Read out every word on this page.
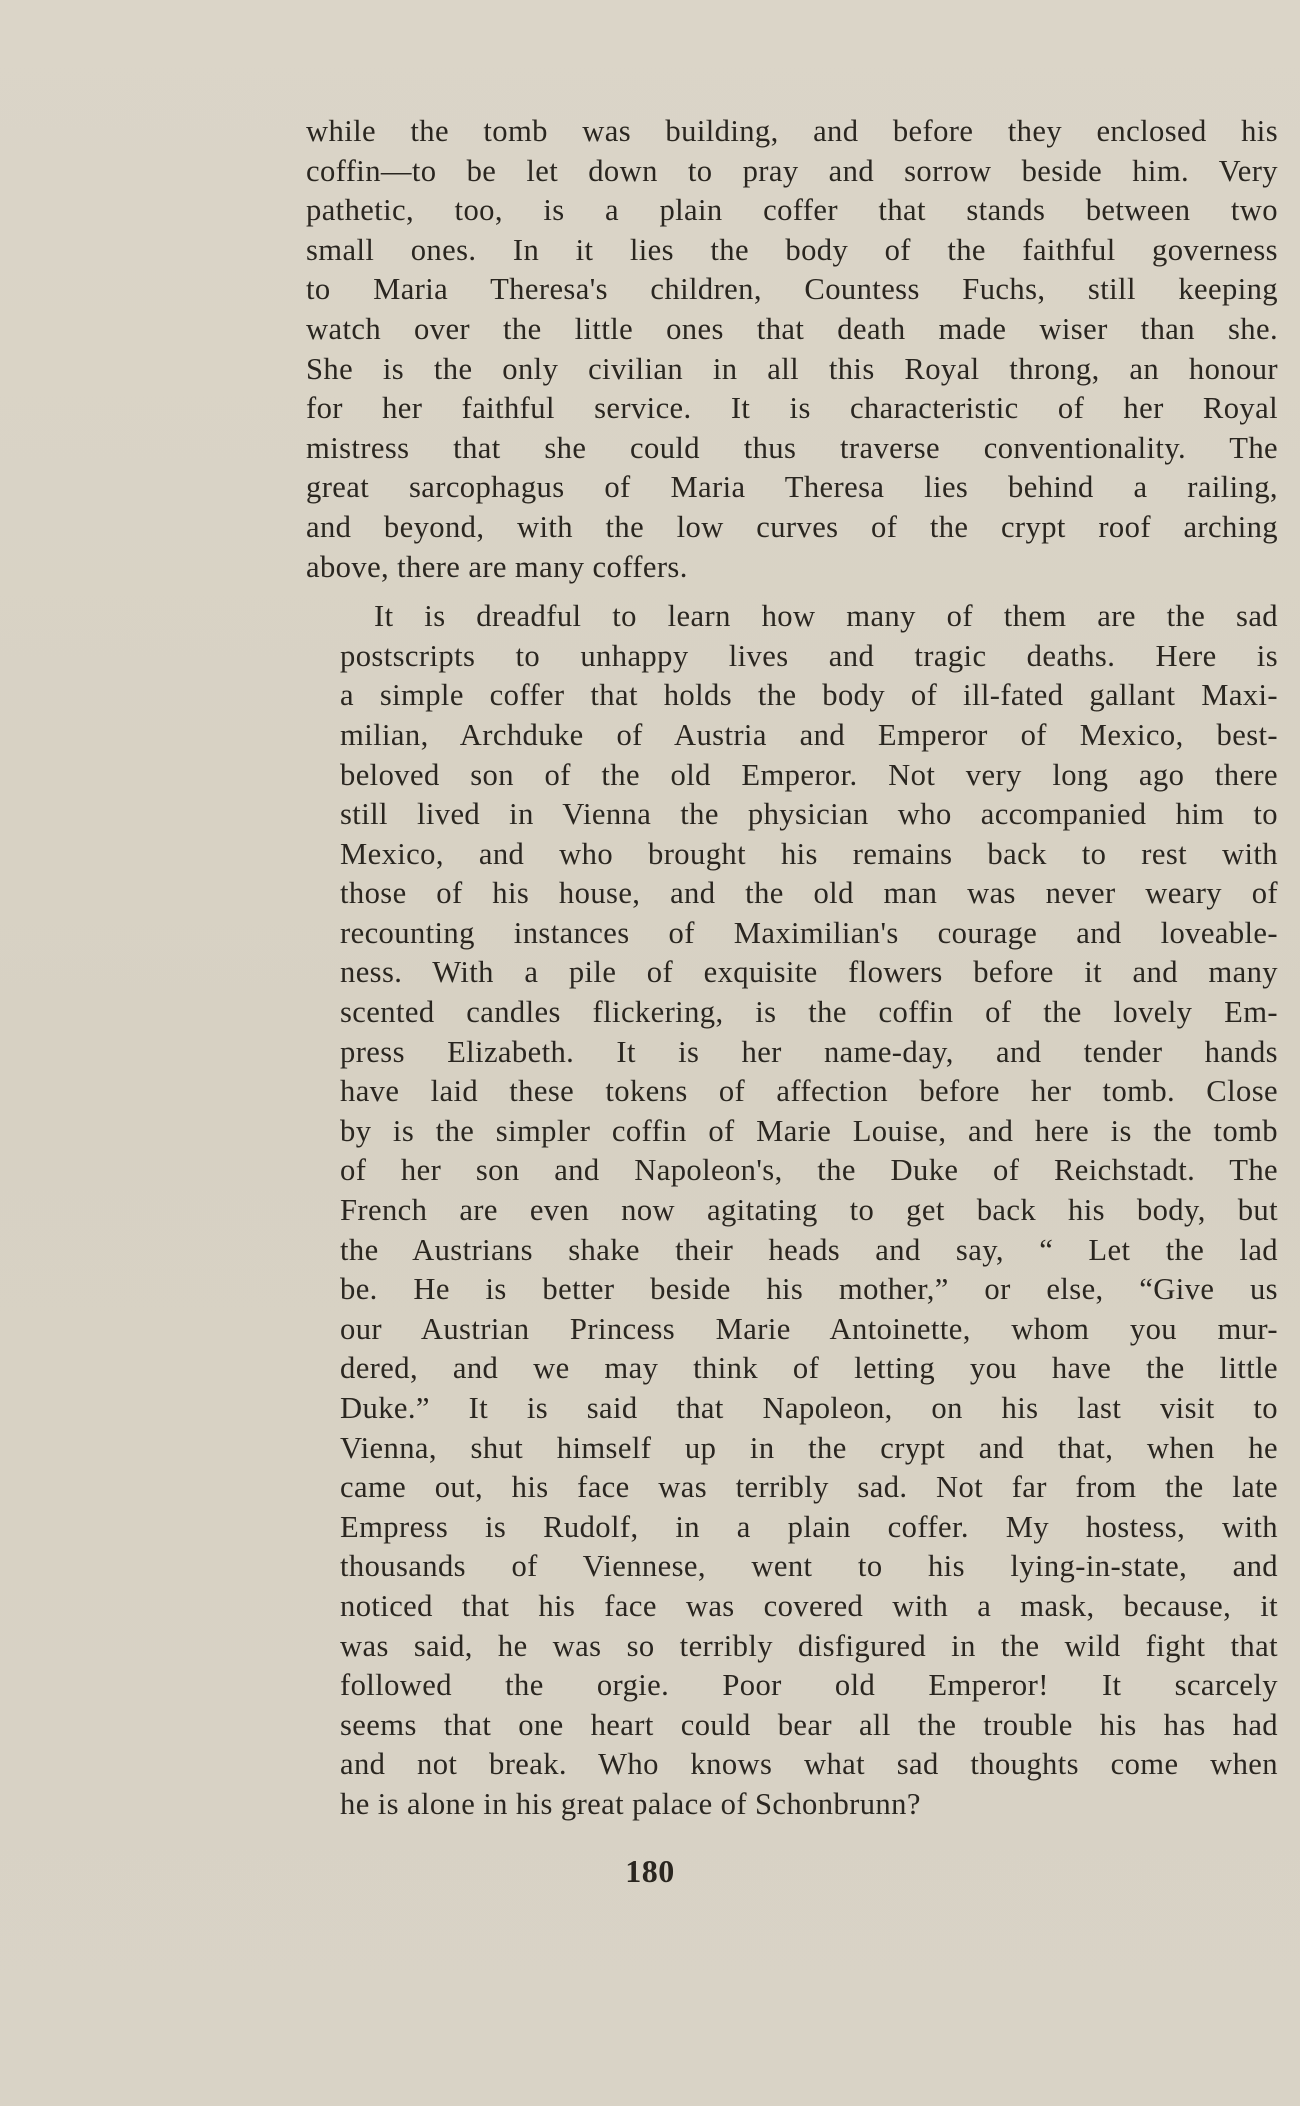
while the tomb was building, and before they enclosed his
coffin—to be let down to pray and sorrow beside him. Very
pathetic, too, is a plain coffer that stands between two
small ones. In it lies the body of the faithful governess
to Maria Theresa's children, Countess Fuchs, still keeping
watch over the little ones that death made wiser than she.
She is the only civilian in all this Royal throng, an honour
for her faithful service. It is characteristic of her Royal
mistress that she could thus traverse conventionality. The
great sarcophagus of Maria Theresa lies behind a railing,
and beyond, with the low curves of the crypt roof arching
above, there are many coffers.
It is dreadful to learn how many of them are the sad
postscripts to unhappy lives and tragic deaths. Here is
a simple coffer that holds the body of ill-fated gallant Maxi-
milian, Archduke of Austria and Emperor of Mexico, best-
beloved son of the old Emperor. Not very long ago there
still lived in Vienna the physician who accompanied him to
Mexico, and who brought his remains back to rest with
those of his house, and the old man was never weary of
recounting instances of Maximilian's courage and loveable-
ness. With a pile of exquisite flowers before it and many
scented candles flickering, is the coffin of the lovely Em-
press Elizabeth. It is her name-day, and tender hands
have laid these tokens of affection before her tomb. Close
by is the simpler coffin of Marie Louise, and here is the tomb
of her son and Napoleon's, the Duke of Reichstadt. The
French are even now agitating to get back his body, but
the Austrians shake their heads and say, “ Let the lad
be. He is better beside his mother,” or else, “Give us
our Austrian Princess Marie Antoinette, whom you mur-
dered, and we may think of letting you have the little
Duke.” It is said that Napoleon, on his last visit to
Vienna, shut himself up in the crypt and that, when he
came out, his face was terribly sad. Not far from the late
Empress is Rudolf, in a plain coffer. My hostess, with
thousands of Viennese, went to his lying-in-state, and
noticed that his face was covered with a mask, because, it
was said, he was so terribly disfigured in the wild fight that
followed the orgie. Poor old Emperor! It scarcely
seems that one heart could bear all the trouble his has had
and not break. Who knows what sad thoughts come when
he is alone in his great palace of Schonbrunn?
180
